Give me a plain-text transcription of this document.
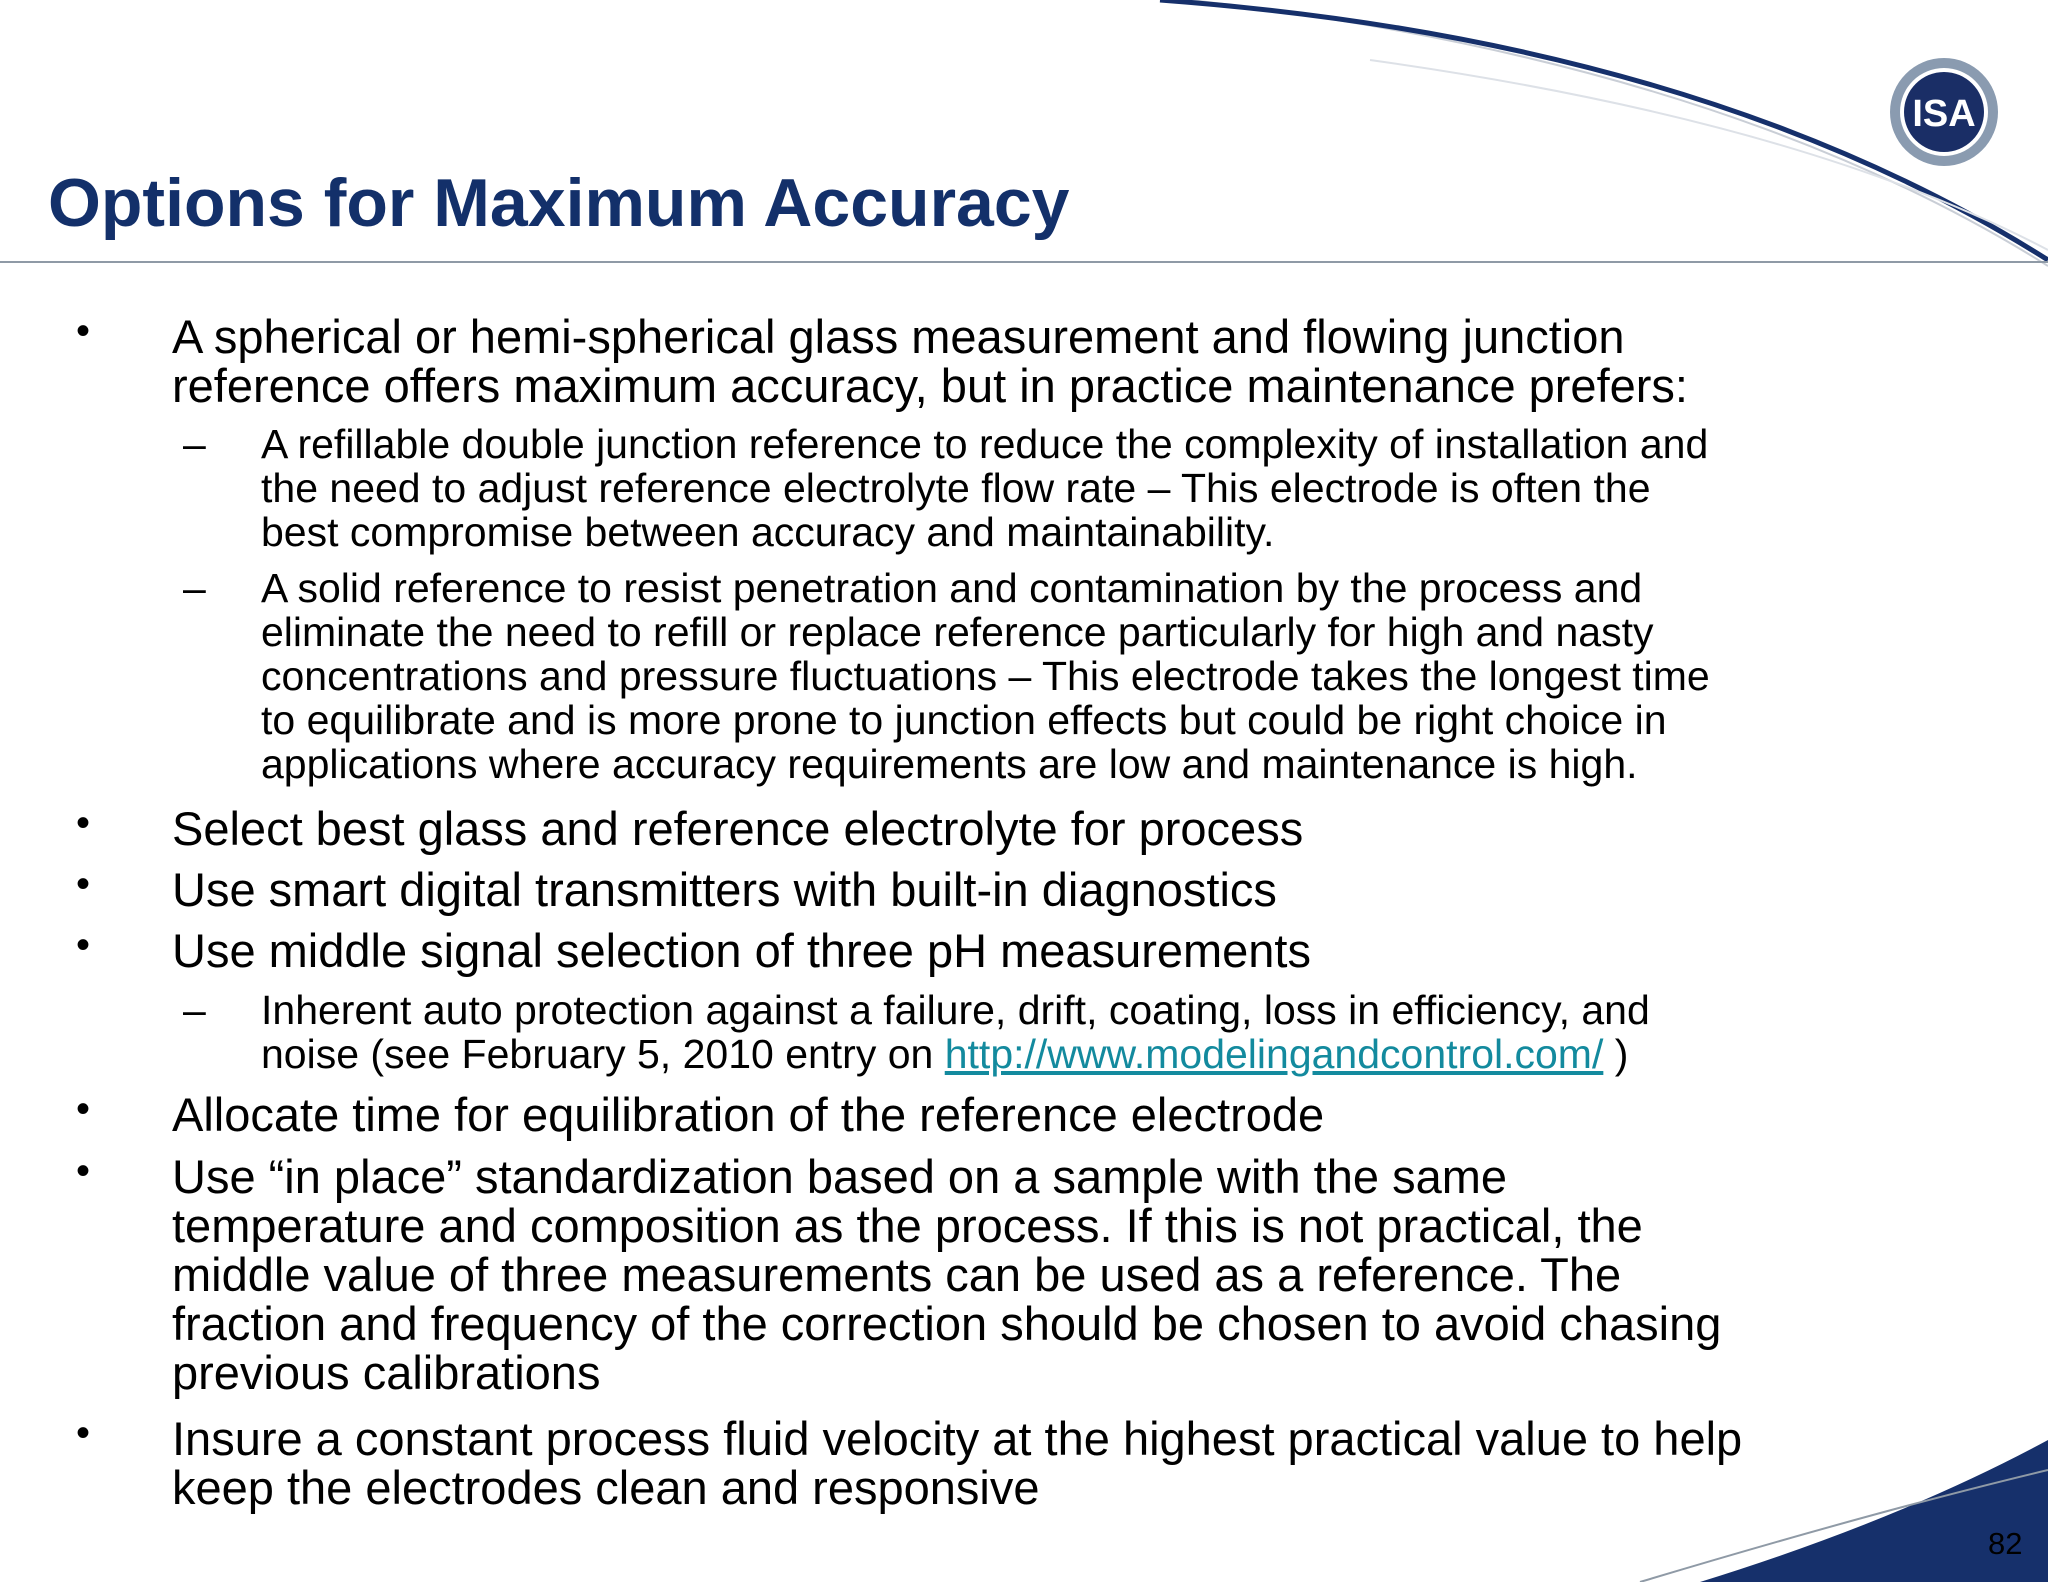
ISA
Options for Maximum Accuracy
• A spherical or hemi-spherical glass measurement and flowing junction

reference offers maximum accuracy, but in practice maintenance prefers:

– A refillable double junction reference to reduce the complexity of installation and

the need to adjust reference electrolyte flow rate – This electrode is often the

best compromise between accuracy and maintainability.

– A solid reference to resist penetration and contamination by the process and

eliminate the need to refill or replace reference particularly for high and nasty

concentrations and pressure fluctuations – This electrode takes the longest time

to equilibrate and is more prone to junction effects but could be right choice in

applications where accuracy requirements are low and maintenance is high.

• Select best glass and reference electrolyte for process

• Use smart digital transmitters with built-in diagnostics

• Use middle signal selection of three pH measurements

– Inherent auto protection against a failure, drift, coating, loss in efficiency, and

noise (see February 5, 2010 entry on http://www.modelingandcontrol.com/ )

• Allocate time for equilibration of the reference electrode

• Use “in place” standardization based on a sample with the same

temperature and composition as the process. If this is not practical, the

middle value of three measurements can be used as a reference. The

fraction and frequency of the correction should be chosen to avoid chasing

previous calibrations

• Insure a constant process fluid velocity at the highest practical value to help

keep the electrodes clean and responsive

82
